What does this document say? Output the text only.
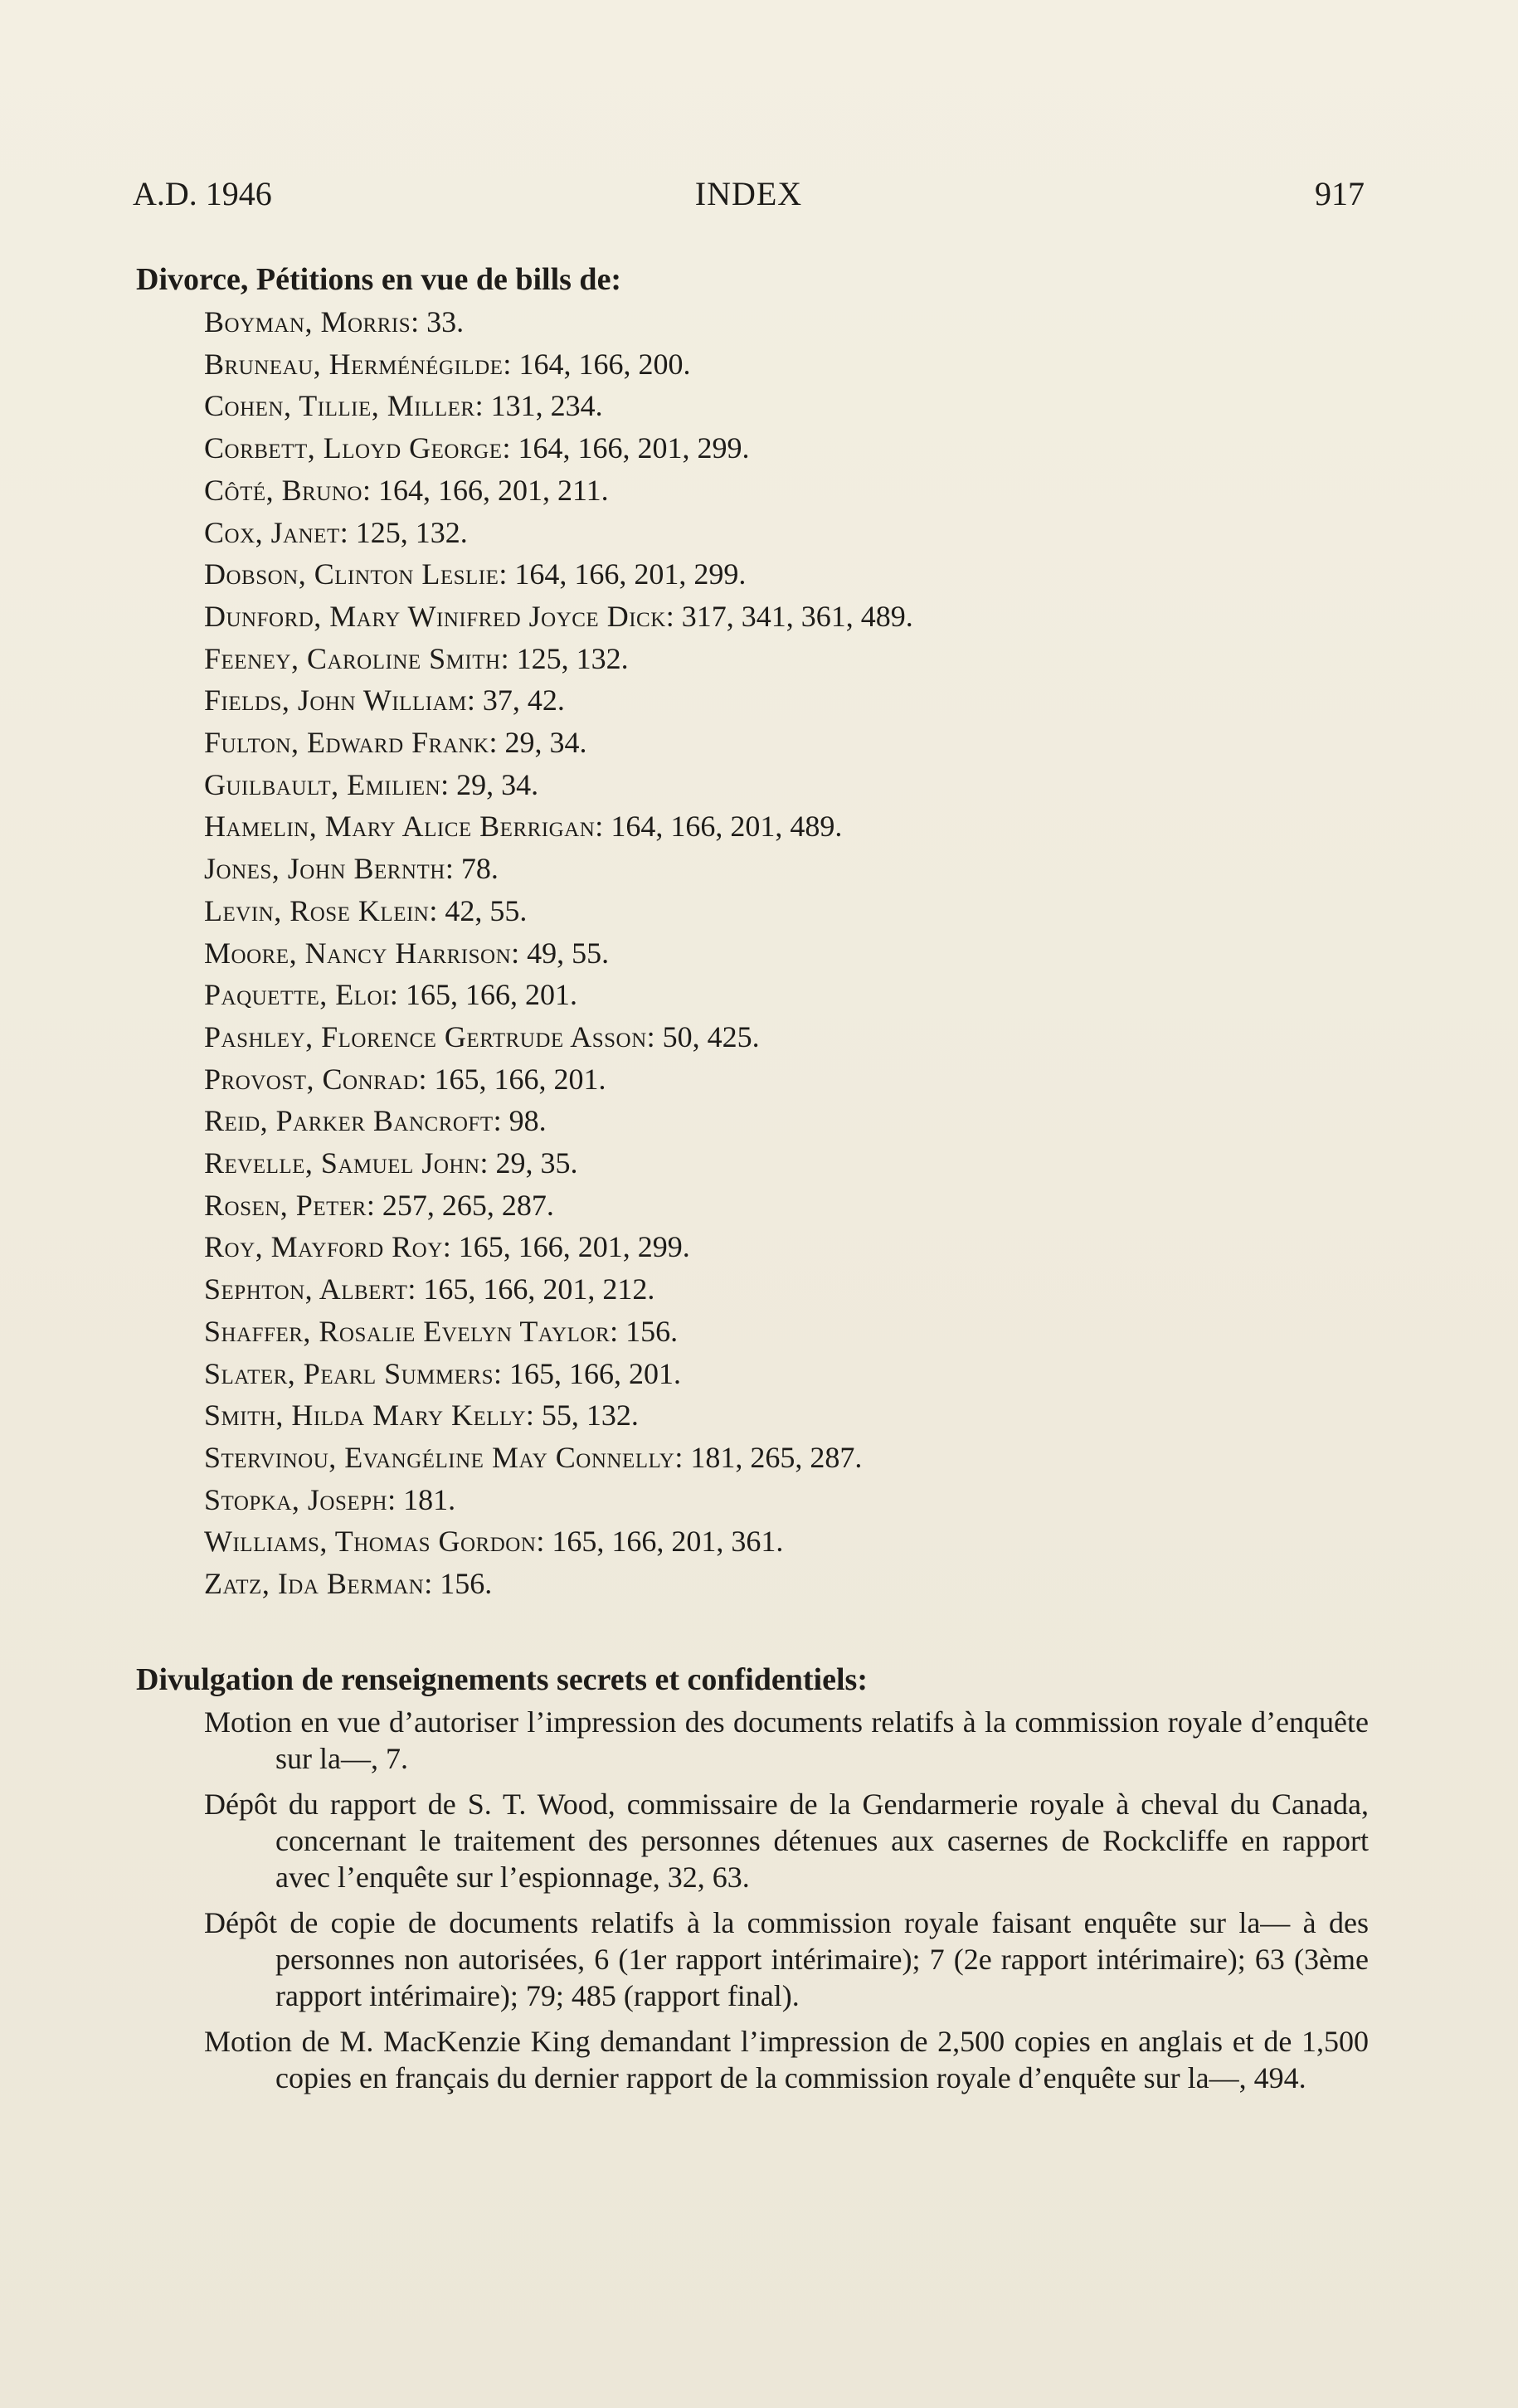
A.D. 1946	INDEX	917
Divorce, Pétitions en vue de bills de:
Boyman, Morris: 33.
Bruneau, Herménégilde: 164, 166, 200.
Cohen, Tillie, Miller: 131, 234.
Corbett, Lloyd George: 164, 166, 201, 299.
Côté, Bruno: 164, 166, 201, 211.
Cox, Janet: 125, 132.
Dobson, Clinton Leslie: 164, 166, 201, 299.
Dunford, Mary Winifred Joyce Dick: 317, 341, 361, 489.
Feeney, Caroline Smith: 125, 132.
Fields, John William: 37, 42.
Fulton, Edward Frank: 29, 34.
Guilbault, Emilien: 29, 34.
Hamelin, Mary Alice Berrigan: 164, 166, 201, 489.
Jones, John Bernth: 78.
Levin, Rose Klein: 42, 55.
Moore, Nancy Harrison: 49, 55.
Paquette, Eloi: 165, 166, 201.
Pashley, Florence Gertrude Asson: 50, 425.
Provost, Conrad: 165, 166, 201.
Reid, Parker Bancroft: 98.
Revelle, Samuel John: 29, 35.
Rosen, Peter: 257, 265, 287.
Roy, Mayford Roy: 165, 166, 201, 299.
Sephton, Albert: 165, 166, 201, 212.
Shaffer, Rosalie Evelyn Taylor: 156.
Slater, Pearl Summers: 165, 166, 201.
Smith, Hilda Mary Kelly: 55, 132.
Stervinou, Evangéline May Connelly: 181, 265, 287.
Stopka, Joseph: 181.
Williams, Thomas Gordon: 165, 166, 201, 361.
Zatz, Ida Berman: 156.
Divulgation de renseignements secrets et confidentiels:

Motion en vue d’autoriser l’impression des documents relatifs à la commission royale d’enquête sur la—, 7.

Dépôt du rapport de S. T. Wood, commissaire de la Gendarmerie royale à cheval du Canada, concernant le traitement des personnes détenues aux casernes de Rockcliffe en rapport avec l’enquête sur l’espionnage, 32, 63.

Dépôt de copie de documents relatifs à la commission royale faisant enquête sur la— à des personnes non autorisées, 6 (1er rapport intérimaire); 7 (2e rapport intérimaire); 63 (3ème rapport intérimaire); 79; 485 (rapport final).

Motion de M. MacKenzie King demandant l’impression de 2,500 copies en anglais et de 1,500 copies en français du dernier rapport de la commission royale d’enquête sur la—, 494.
